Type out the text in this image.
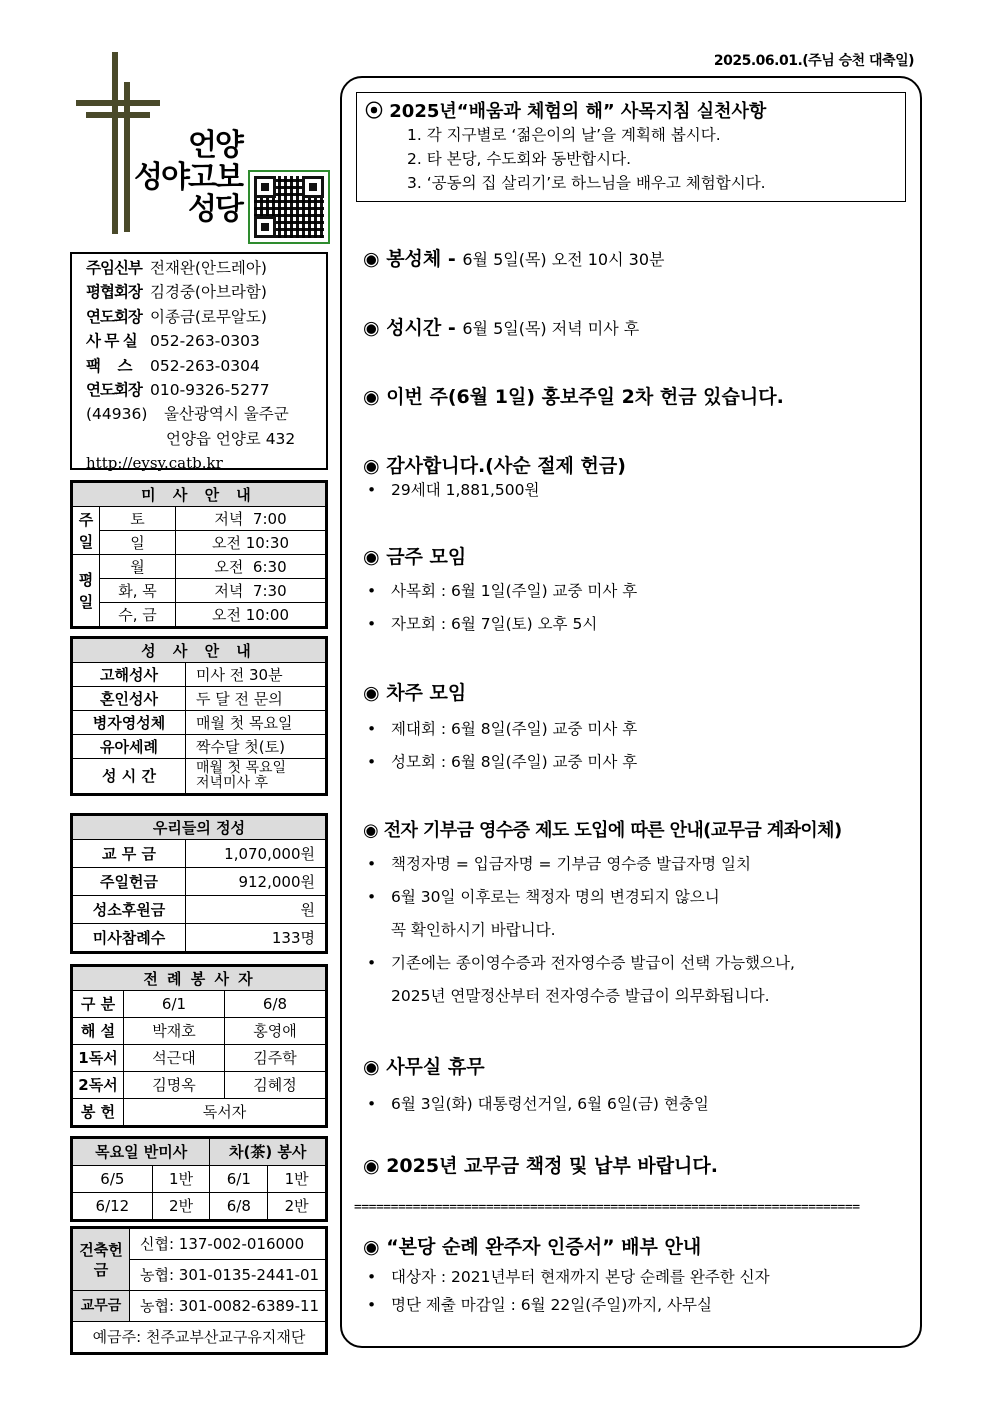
2025.06.01.(주님 승천 대축일)
언양
성야고보
성당
주임신부 전재완(안드레아)
평협회장 김경중(아브라함)
연도회장 이종금(로무알도)
사 무 실 052-263-0303
팩    스 052-263-0304
연도회장 010-9326-5277
(44936) 울산광역시 울주군
언양읍 언양로 432
http://eysy.catb.kr
미 사 안 내		
주일	토	저녁  7:00
	일	오전 10:30
평일	월	오전  6:30
	화, 목	저녁  7:30
	수, 금	오전 10:00
성 사 안 내	
고해성사	미사 전 30분
혼인성사	두 달 전 문의
병자영성체	매월 첫 목요일
유아세례	짝수달 첫(토)
성 시 간	매월 첫 목요일
저녁미사 후
우리들의 정성	
교 무 금	1,070,000원
주일헌금	912,000원
성소후원금	원
미사참례수	133명
전 례 봉 사 자		
구 분	6/1	6/8
해 설	박재호	홍영애
1독서	석근대	김주학
2독서	김명옥	김혜정
봉 헌	독서자	
목요일 반미사		차(茶) 봉사	
6/5	1반	6/1	1반
6/12	2반	6/8	2반
건축헌금	신협: 137-002-016000
	농협: 301-0135-2441-01
교무금	농협: 301-0082-6389-11
예금주: 천주교부산교구유지재단	
⦿ 2025년“배움과 체험의 해” 사목지침 실천사항
1. 각 지구별로 ‘젊은이의 날’을 계획해 봅시다.
2. 타 본당, 수도회와 동반합시다.
3. ‘공동의 집 살리기’로 하느님을 배우고 체험합시다.
◉ 봉성체 - 6월 5일(목) 오전 10시 30분
◉ 성시간 - 6월 5일(목) 저녁 미사 후
◉ 이번 주(6월 1일) 홍보주일 2차 헌금 있습니다.
◉ 감사합니다.(사순 절제 헌금)
• 29세대 1,881,500원
◉ 금주 모임
• 사목회 : 6월 1일(주일) 교중 미사 후
• 자모회 : 6월 7일(토) 오후 5시
◉ 차주 모임
• 제대회 : 6월 8일(주일) 교중 미사 후
• 성모회 : 6월 8일(주일) 교중 미사 후
◉ 전자 기부금 영수증 제도 도입에 따른 안내(교무금 계좌이체)
• 책정자명 = 입금자명 = 기부금 영수증 발급자명 일치
• 6월 30일 이후로는 책정자 명의 변경되지 않으니
꼭 확인하시기 바랍니다.
• 기존에는 종이영수증과 전자영수증 발급이 선택 가능했으나,
2025년 연말정산부터 전자영수증 발급이 의무화됩니다.
◉ 사무실 휴무
• 6월 3일(화) 대통령선거일, 6월 6일(금) 현충일
◉ 2025년 교무금 책정 및 납부 바랍니다.
=====================================================================
◉ “본당 순례 완주자 인증서” 배부 안내
• 대상자 : 2021년부터 현재까지 본당 순례를 완주한 신자
• 명단 제출 마감일 : 6월 22일(주일)까지, 사무실
